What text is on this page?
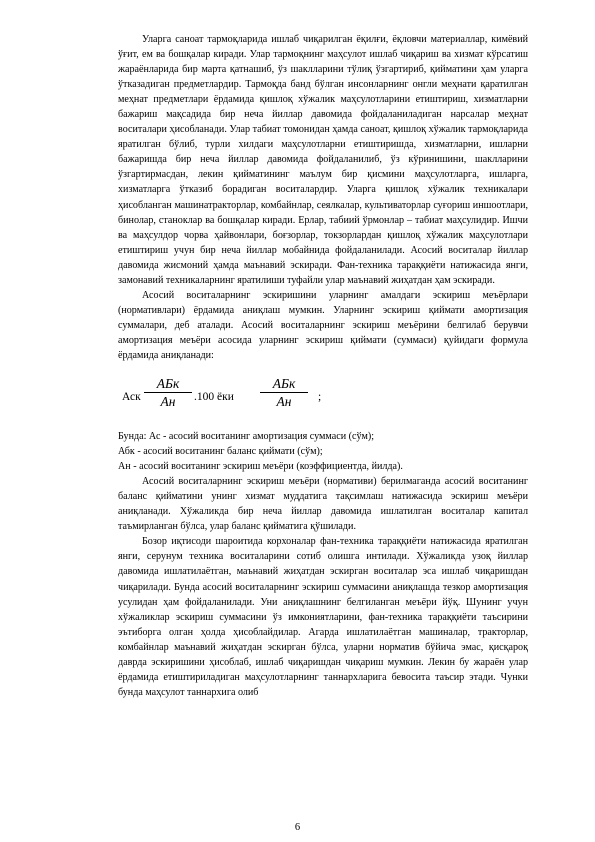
Уларга саноат тармоқларида ишлаб чиқарилган ёқилғи, ёқловчи материаллар, кимёвий ўғит, ем ва бошқалар киради. Улар тармоқнинг маҳсулот ишлаб чиқариш ва хизмат кўрсатиш жараёнларида бир марта қатнашиб, ўз шаклларини тўлиқ ўзгартириб, қийматини ҳам уларга ўтказадиган предметлардир. Тармоқда банд бўлган инсонларнинг онгли меҳнати қаратилган меҳнат предметлари ёрдамида қишлоқ хўжалик маҳсулотларини етиштириш, хизматларни бажариш мақсадида бир неча йиллар давомида фойдаланиладиган нарсалар меҳнат воситалари ҳисобланади. Улар табиат томонидан ҳамда саноат, қишлоқ хўжалик тармоқларида яратилган бўлиб, турли хилдаги маҳсулотларни етиштиришда, хизматларни, ишларни бажаришда бир неча йиллар давомида фойдаланилиб, ўз кўринишини, шаклларини ўзгартирмасдан, лекин қийматининг маълум бир қисмини маҳсулотларга, ишларга, хизматларга ўтказиб борадиган воситалардир. Уларга қишлоқ хўжалик техникалари ҳисобланган машинатракторлар, комбайнлар, сеялкалар, культиваторлар суғориш иншоотлари, бинолар, станоклар ва бошқалар киради. Ерлар, табиий ўрмонлар – табиат маҳсулидир. Ишчи ва маҳсулдор чорва ҳайвонлари, боғзорлар, токзорлардан қишлоқ хўжалик маҳсулотлари етиштириш учун бир неча йиллар мобайнида фойдаланилади. Асосий воситалар йиллар давомида жисмоний ҳамда маънавий эскиради. Фан-техника тараққиёти натижасида янги, замонавий техникаларнинг яратилиши туфайли улар маънавий жиҳатдан ҳам эскиради.

Асосий воситаларнинг эскиришини уларнинг амалдаги эскириш меъёрлари (нормативлари) ёрдамида аниқлаш мумкин. Уларнинг эскириш қиймати амортизация суммалари, деб аталади. Асосий воситаларнинг эскириш меъёрини белгилаб берувчи амортизация меъёри асосида уларнинг эскириш қиймати (суммаси) қуйидаги формула ёрдамида аниқланади:

Аск
АБк
Ан	.100 ёки
АБк
Ан	;

Бунда: Ас - асосий воситанинг амортизация суммаси (сўм);

Абк - асосий воситанинг баланс қиймати (сўм);

Ан - асосий воситанинг эскириш меъёри (коэффициентда, йилда).

Асосий воситаларнинг эскириш меъёри (нормативи) берилмаганда асосий воситанинг баланс қийматини унинг хизмат муддатига тақсимлаш натижасида эскириш меъёри аниқланади. Хўжаликда бир неча йиллар давомида ишлатилган воситалар капитал таъмирланган бўлса, улар баланс қийматига қўшилади.

Бозор иқтисоди шароитида корхоналар фан-техника тараққиёти натижасида яратилган янги, серунум техника воситаларини сотиб олишга интилади. Хўжаликда узоқ йиллар давомида ишлатилаётган, маънавий жиҳатдан эскирган воситалар эса ишлаб чиқаришдан чиқарилади. Бунда асосий воситаларнинг эскириш суммасини аниқлашда тезкор амортизация усулидан ҳам фойдаланилади. Уни аниқлашнинг белгиланган меъёри йўқ. Шунинг учун хўжаликлар эскириш суммасини ўз имкониятларини, фан-техника тараққиёти таъсирини эътиборга олган ҳолда ҳисоблайдилар. Агарда ишлатилаётган машиналар, тракторлар, комбайнлар маънавий жиҳатдан эскирган бўлса, уларни норматив бўйича эмас, қисқароқ даврда эскиришини ҳисоблаб, ишлаб чиқаришдан чиқариш мумкин. Лекин бу жараён улар ёрдамида етиштириладиган маҳсулотларнинг таннархларига бевосита таъсир этади. Чунки бунда маҳсулот таннархига олиб

6
